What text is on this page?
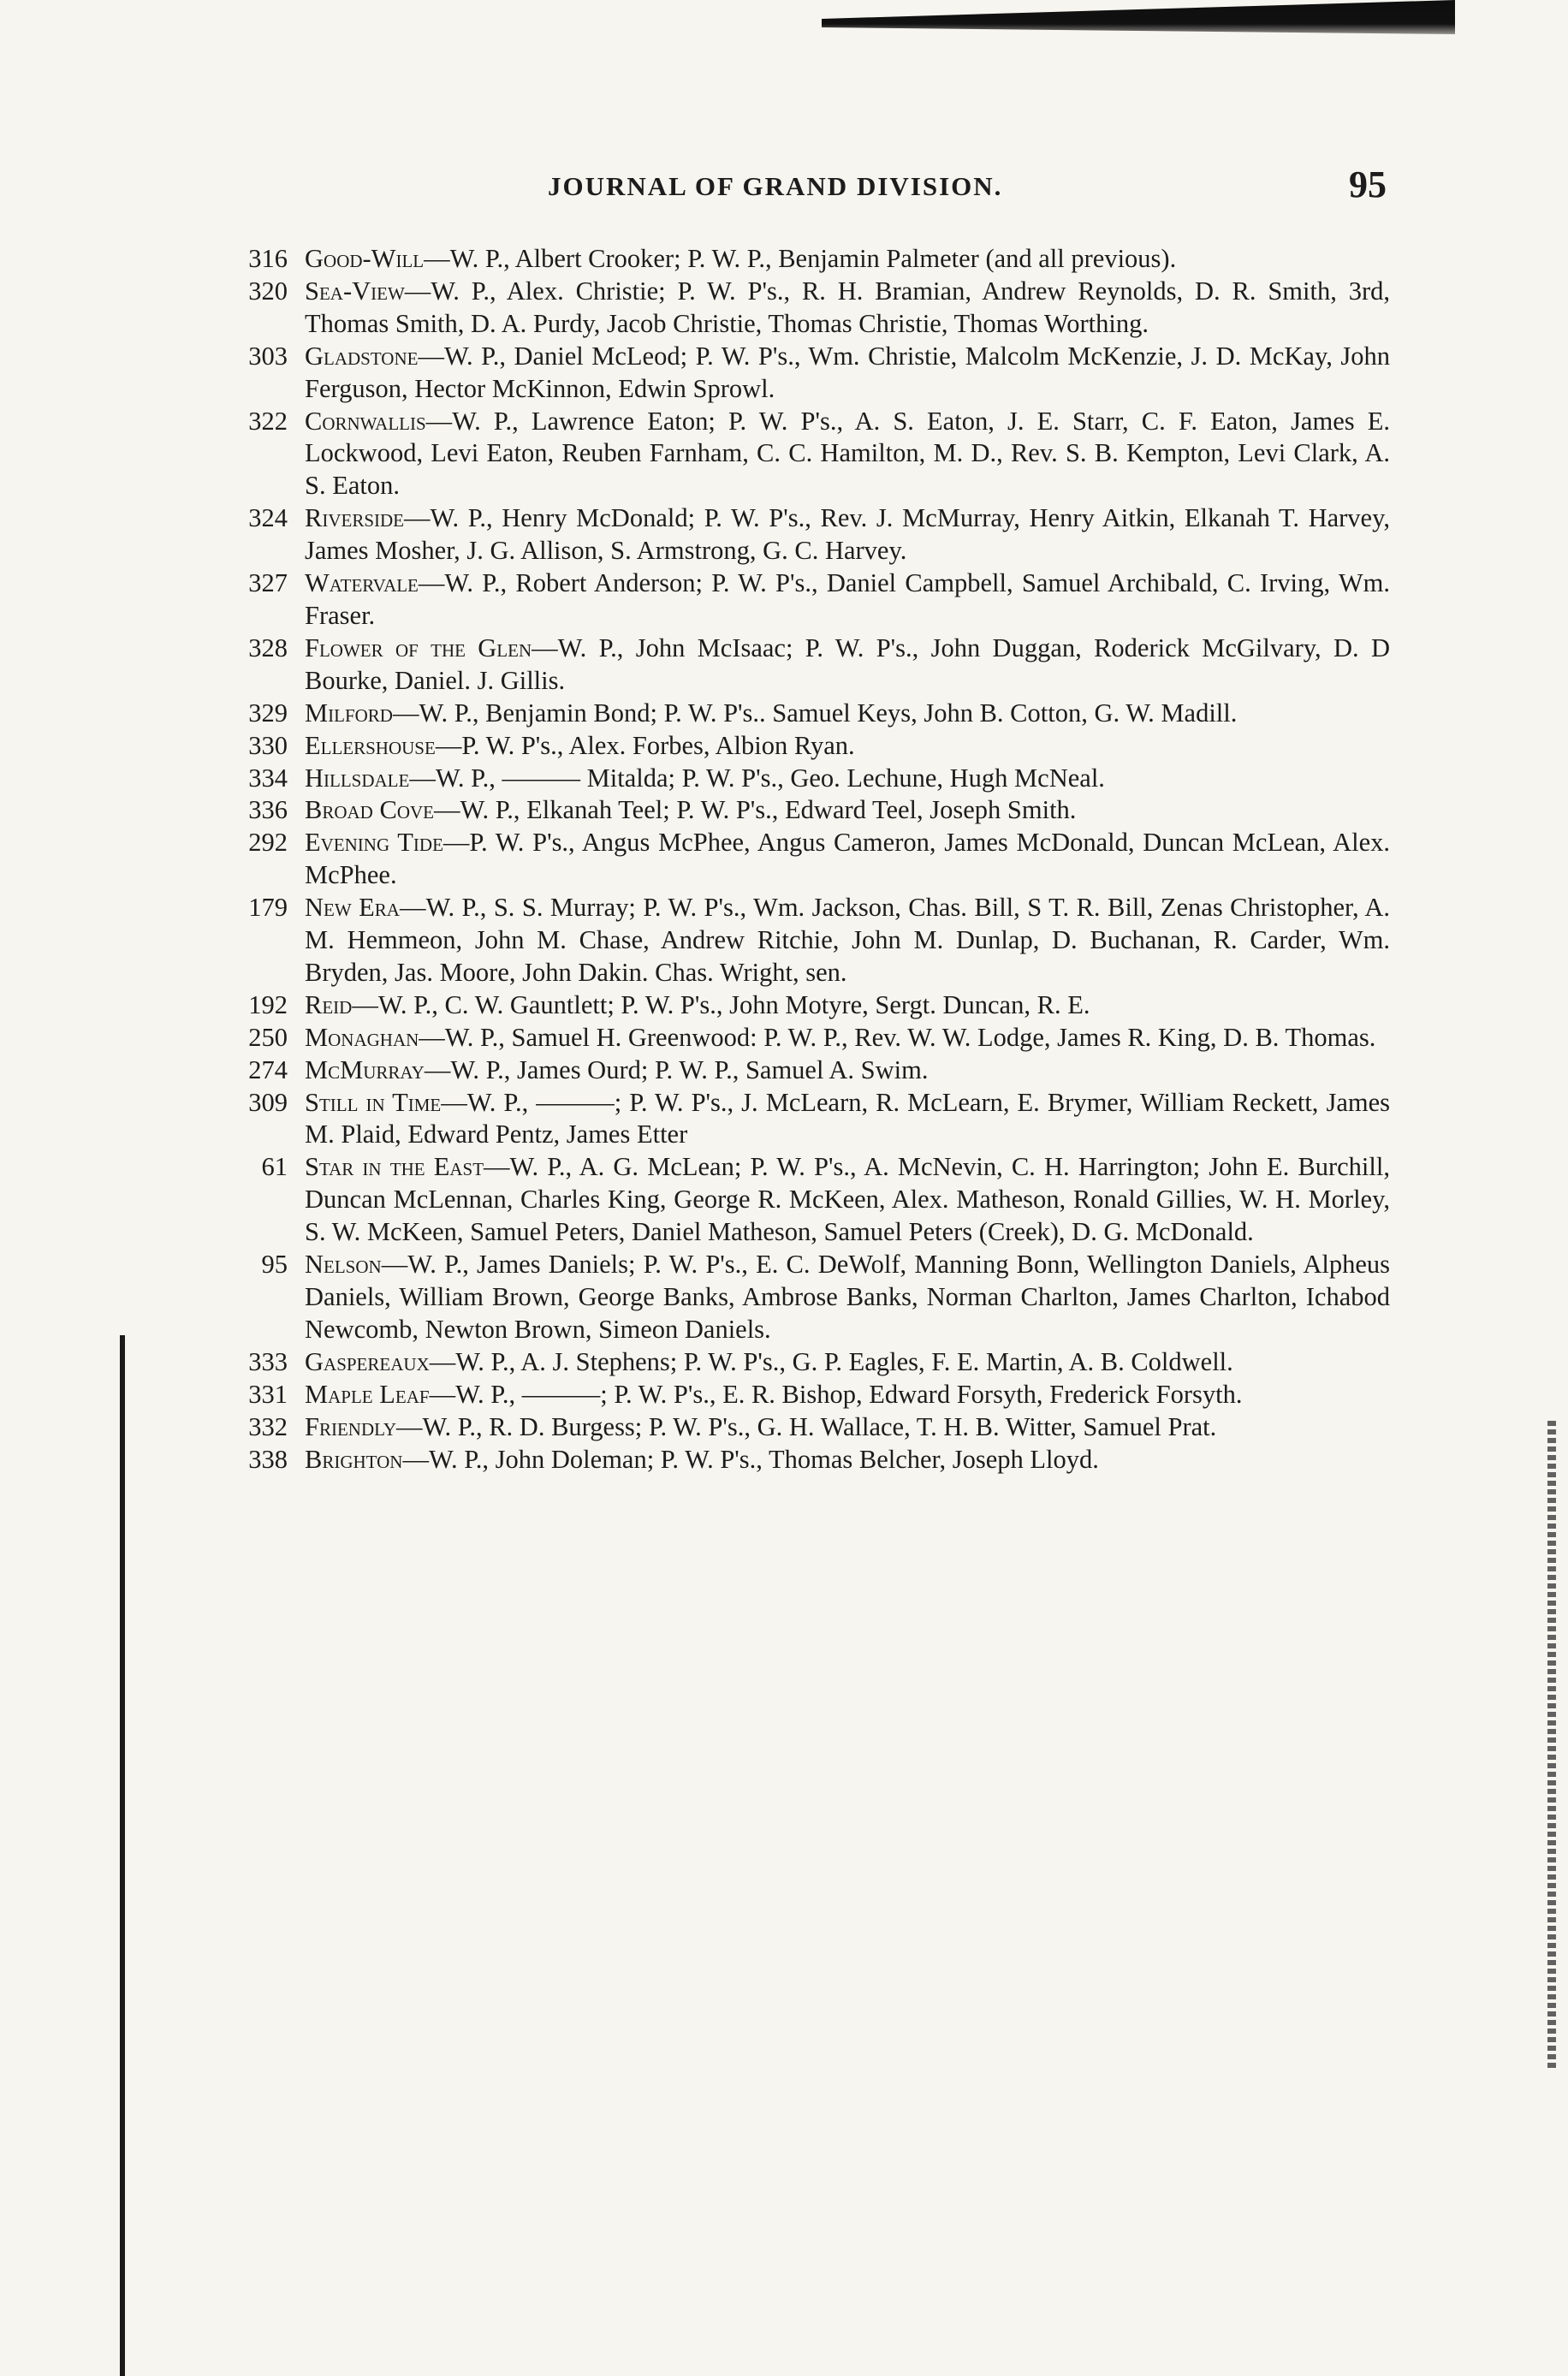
JOURNAL OF GRAND DIVISION.	95
316 Good-Will—W. P., Albert Crooker; P. W. P., Benjamin Palmeter (and all previous).
320 Sea-View—W. P., Alex. Christie; P. W. P's., R. H. Bramian, Andrew Reynolds, D. R. Smith, 3rd, Thomas Smith, D. A. Purdy, Jacob Christie, Thomas Christie, Thomas Worthing.
303 Gladstone—W. P., Daniel McLeod; P. W. P's., Wm. Christie, Malcolm McKenzie, J. D. McKay, John Ferguson, Hector McKinnon, Edwin Sprowl.
322 Cornwallis—W. P., Lawrence Eaton; P. W. P's., A. S. Eaton, J. E. Starr, C. F. Eaton, James E. Lockwood, Levi Eaton, Reuben Farnham, C. C. Hamilton, M. D., Rev. S. B. Kempton, Levi Clark, A. S. Eaton.
324 Riverside—W. P., Henry McDonald; P. W. P's., Rev. J. McMurray, Henry Aitkin, Elkanah T. Harvey, James Mosher, J. G. Allison, S. Armstrong, G. C. Harvey.
327 Watervale—W. P., Robert Anderson; P. W. P's., Daniel Campbell, Samuel Archibald, C. Irving, Wm. Fraser.
328 Flower of the Glen—W. P., John McIsaac; P. W. P's., John Duggan, Roderick McGilvary, D. D Bourke, Daniel. J. Gillis.
329 Milford—W. P., Benjamin Bond; P. W. P's.. Samuel Keys, John B. Cotton, G. W. Madill.
330 Ellershouse—P. W. P's., Alex. Forbes, Albion Ryan.
334 Hillsdale—W. P., ——— Mitalda; P. W. P's., Geo. Lechune, Hugh McNeal.
336 Broad Cove—W. P., Elkanah Teel; P. W. P's., Edward Teel, Joseph Smith.
292 Evening Tide—P. W. P's., Angus McPhee, Angus Cameron, James McDonald, Duncan McLean, Alex. McPhee.
179 New Era—W. P., S. S. Murray; P. W. P's., Wm. Jackson, Chas. Bill, S T. R. Bill, Zenas Christopher, A. M. Hemmeon, John M. Chase, Andrew Ritchie, John M. Dunlap, D. Buchanan, R. Carder, Wm. Bryden, Jas. Moore, John Dakin. Chas. Wright, sen.
192 Reid—W. P., C. W. Gauntlett; P. W. P's., John Motyre, Sergt. Duncan, R. E.
250 Monaghan—W. P., Samuel H. Greenwood: P. W. P., Rev. W. W. Lodge, James R. King, D. B. Thomas.
274 McMurray—W. P., James Ourd; P. W. P., Samuel A. Swim.
309 Still in Time—W. P., ———; P. W. P's., J. McLearn, R. McLearn, E. Brymer, William Reckett, James M. Plaid, Edward Pentz, James Etter
61 Star in the East—W. P., A. G. McLean; P. W. P's., A. McNevin, C. H. Harrington; John E. Burchill, Duncan McLennan, Charles King, George R. McKeen, Alex. Matheson, Ronald Gillies, W. H. Morley, S. W. McKeen, Samuel Peters, Daniel Matheson, Samuel Peters (Creek), D. G. McDonald.
95 Nelson—W. P., James Daniels; P. W. P's., E. C. DeWolf, Manning Bonn, Wellington Daniels, Alpheus Daniels, William Brown, George Banks, Ambrose Banks, Norman Charlton, James Charlton, Ichabod Newcomb, Newton Brown, Simeon Daniels.
333 Gaspereaux—W. P., A. J. Stephens; P. W. P's., G. P. Eagles, F. E. Martin, A. B. Coldwell.
331 Maple Leaf—W. P., ———; P. W. P's., E. R. Bishop, Edward Forsyth, Frederick Forsyth.
332 Friendly—W. P., R. D. Burgess; P. W. P's., G. H. Wallace, T. H. B. Witter, Samuel Prat.
338 Brighton—W. P., John Doleman; P. W. P's., Thomas Belcher, Joseph Lloyd.
